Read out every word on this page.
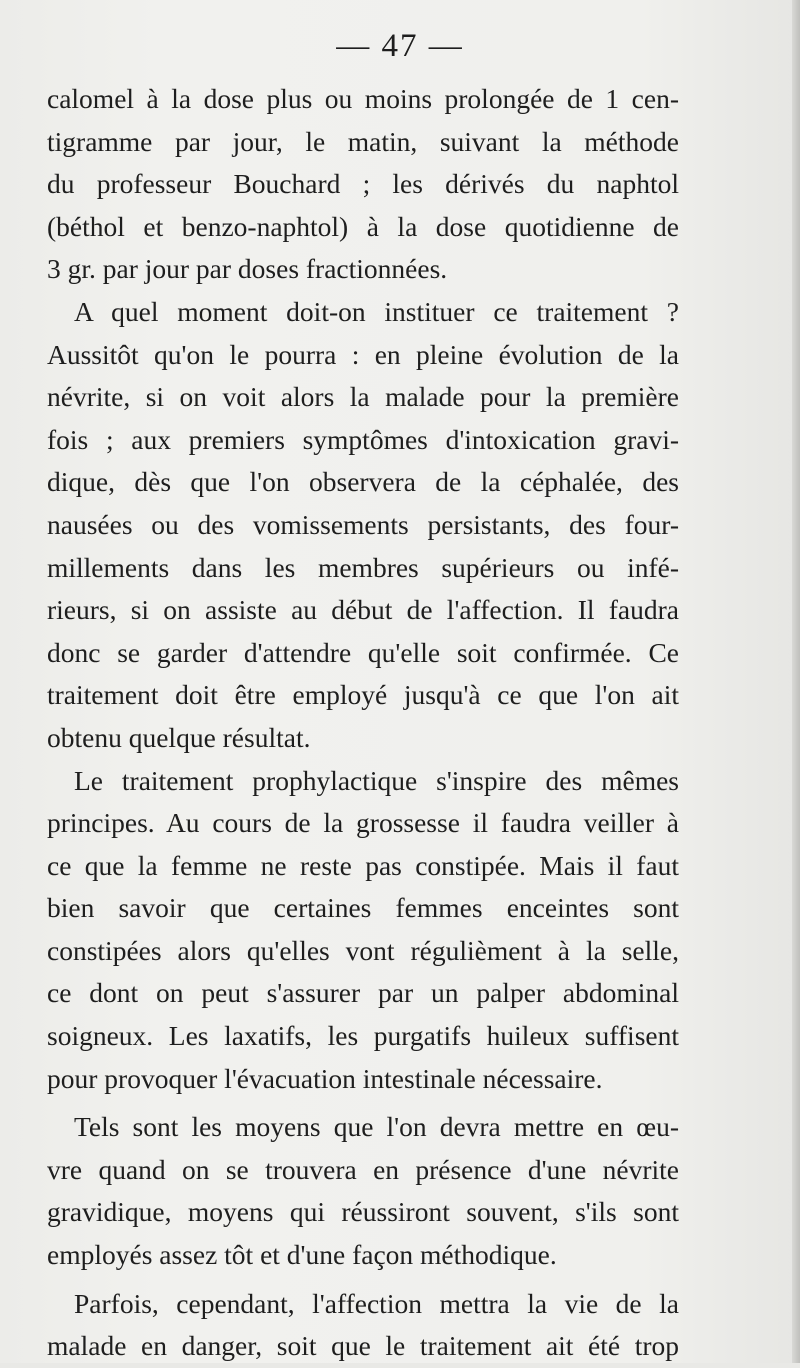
— 47 —
calomel à la dose plus ou moins prolongée de 1 cen-
tigramme par jour, le matin, suivant la méthode
du professeur Bouchard ; les dérivés du naphtol
(béthol et benzo-naphtol) à la dose quotidienne de
3 gr. par jour par doses fractionnées.
A quel moment doit-on instituer ce traitement ?
Aussitôt qu'on le pourra : en pleine évolution de la
névrite, si on voit alors la malade pour la première
fois ; aux premiers symptômes d'intoxication gravi-
dique, dès que l'on observera de la céphalée, des
nausées ou des vomissements persistants, des four-
millements dans les membres supérieurs ou infé-
rieurs, si on assiste au début de l'affection. Il faudra
donc se garder d'attendre qu'elle soit confirmée. Ce
traitement doit être employé jusqu'à ce que l'on ait
obtenu quelque résultat.
Le traitement prophylactique s'inspire des mêmes
principes. Au cours de la grossesse il faudra veiller à
ce que la femme ne reste pas constipée. Mais il faut
bien savoir que certaines femmes enceintes sont
constipées alors qu'elles vont régulièment à la selle,
ce dont on peut s'assurer par un palper abdominal
soigneux. Les laxatifs, les purgatifs huileux suffisent
pour provoquer l'évacuation intestinale nécessaire.
Tels sont les moyens que l'on devra mettre en œu-
vre quand on se trouvera en présence d'une névrite
gravidique, moyens qui réussiront souvent, s'ils sont
employés assez tôt et d'une façon méthodique.
Parfois, cependant, l'affection mettra la vie de la
malade en danger, soit que le traitement ait été trop
